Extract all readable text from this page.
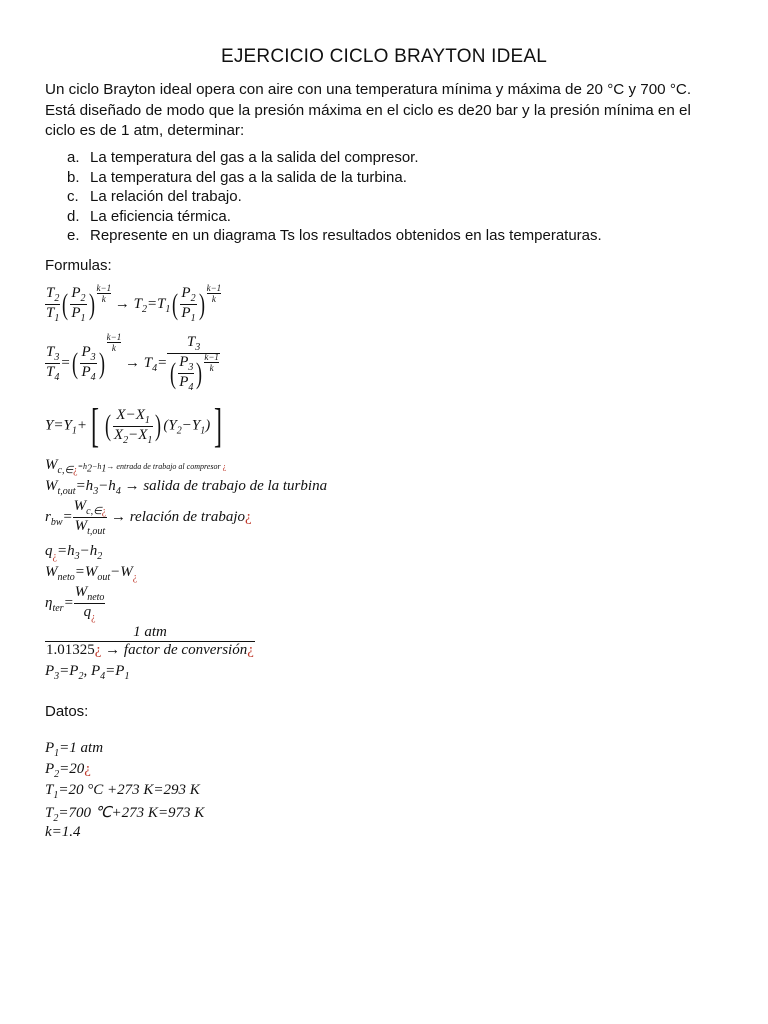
EJERCICIO CICLO BRAYTON IDEAL
Un ciclo Brayton ideal opera con aire con una temperatura mínima y máxima de 20 °C y 700 °C. Está diseñado de modo que la presión máxima en el ciclo es de20 bar y la presión mínima en el ciclo es de 1 atm, determinar:
a. La temperatura del gas a la salida del compresor.
b. La temperatura del gas a la salida de la turbina.
c. La relación del trabajo.
d. La eficiencia térmica.
e. Represente en un diagrama Ts los resultados obtenidos en las temperaturas.
Formulas:
$\frac{T_2}{T_1}$ ( $\frac{P_2}{P_1}$ ) $\frac{k-1}{k} \to T_2=T_1( \frac{P_2}{P_1}$ ) $\frac{k-1}{k}$
$\frac{T_3}{T_4}$ =( $\frac{P_3}{P_4}$ )
$\frac{k-1}{k}$
→ $T_4= \frac{T_3}{( \frac{P_3}{P_4} ) \frac{k-1}{k}}$
$Y=Y_1+$[ ( $\frac{X-X_1}{X_2-X_1}$ ) $(Y_2-Y_1)$]
$W_{c,\in¿}=h_2-h_1\to$ entrada de trabajo al compresor ¿
$W_{t,out}=h_3-h_4$ → salida de trabajo de la turbina
$r_{bw}= \frac{W_{c,\in¿}}{W_{t,out}}$ → relación de trabajo¿
$q_¿=h_3-h_2$
$W_{neto}=W_{out}-W_¿$
$\eta_{ter}= \frac{W_{neto}}{q_¿}$
$\frac{\text{1 atm}}{\text{1.01325¿ → factor de conversión¿}}$
$P_3=P_2$, $P_4=P_1$
Datos:
$P_1=1$ atm
$P_2=20¿$
$T_1=20$ °C +273 K=293 K
$T_2=700$ ℃+273 K=973 K
k=1.4
